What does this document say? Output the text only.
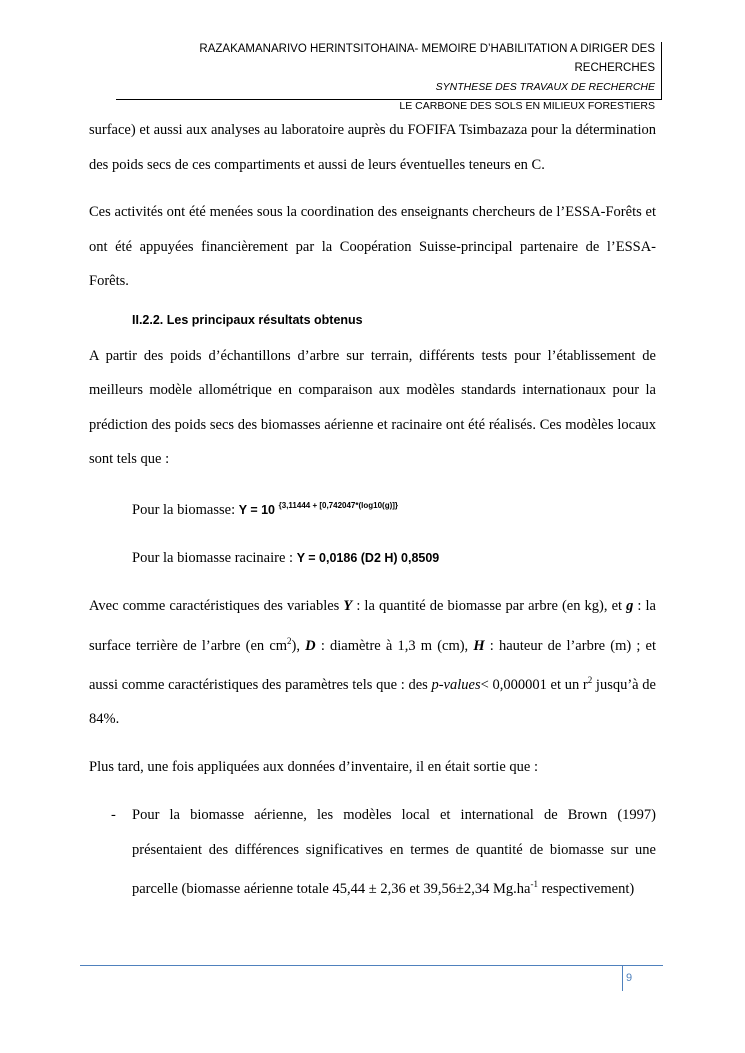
RAZAKAMANARIVO HERINTSITOHAINA- MEMOIRE D’HABILITATION A DIRIGER DES RECHERCHES
SYNTHESE DES TRAVAUX DE RECHERCHE
LE CARBONE DES SOLS EN MILIEUX FORESTIERS

surface) et aussi aux analyses au laboratoire auprès du FOFIFA Tsimbazaza pour la détermination des poids secs de ces compartiments et aussi de leurs éventuelles teneurs en C.

Ces activités ont été menées sous la coordination des enseignants chercheurs de l’ESSA-Forêts et ont été appuyées financièrement par la Coopération Suisse-principal partenaire de l’ESSA-Forêts.

II.2.2. Les principaux résultats obtenus

A partir des poids d’échantillons d’arbre sur terrain, différents tests pour l’établissement de meilleurs modèle allométrique en comparaison aux modèles standards internationaux pour la prédiction des poids secs des biomasses aérienne et racinaire ont été réalisés. Ces modèles locaux sont tels que :

Pour la biomasse: Y = 10 $^{\{3,11444 + [0,742047*(log10(g)]\}}$
Pour la biomasse racinaire : Y = 0,0186 (D2 H) 0,8509

Avec comme caractéristiques des variables Y : la quantité de biomasse par arbre (en kg), et g : la surface terrière de l’arbre (en $cm^2$), D : diamètre à 1,3 m (cm), H : hauteur de l’arbre (m) ; et aussi comme caractéristiques des paramètres tels que : des p-values< 0,000001 et un $r^2$ jusqu’à de 84%.

Plus tard, une fois appliquées aux données d’inventaire, il en était sortie que :

-	Pour la biomasse aérienne, les modèles local et international de Brown (1997) présentaient des différences significatives en termes de quantité de biomasse sur une parcelle (biomasse aérienne totale 45,44 ± 2,36 et 39,56±2,34 $Mg.ha^{-1}$ respectivement)

9
